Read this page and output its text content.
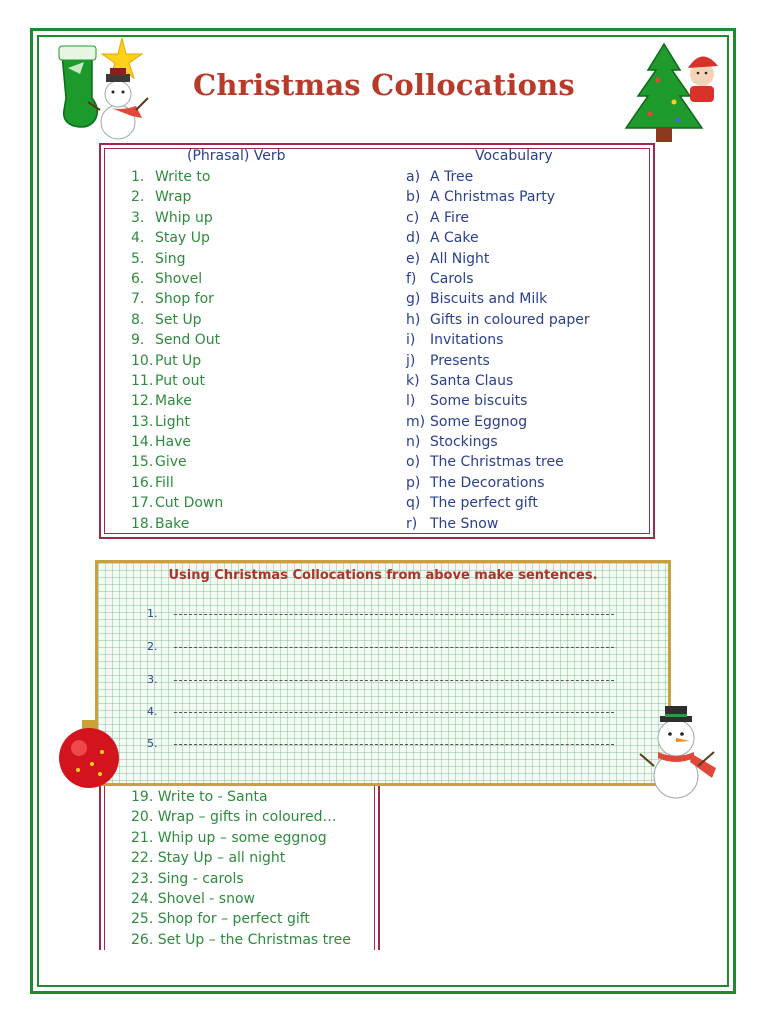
Christmas Collocations
(Phrasal) Verb	Vocabulary
1. Write to
2. Wrap
3. Whip up
4. Stay Up
5. Sing
6. Shovel
7. Shop for
8. Set Up
9. Send Out
10. Put Up
11. Put out
12. Make
13. Light
14. Have
15. Give
16. Fill
17. Cut Down
18. Bake
a) A Tree
b) A Christmas Party
c) A Fire
d) A Cake
e) All Night
f) Carols
g) Biscuits and Milk
h) Gifts in coloured paper
i) Invitations
j) Presents
k) Santa Claus
l) Some biscuits
m) Some Eggnog
n) Stockings
o) The Christmas tree
p) The Decorations
q) The perfect gift
r) The Snow
Using Christmas Collocations from above make sentences.
1.
2.
3.
4.
5.
19. Write to - Santa
20. Wrap – gifts in coloured…
21. Whip up – some eggnog
22. Stay Up – all night
23. Sing - carols
24. Shovel - snow
25. Shop for – perfect gift
26. Set Up – the Christmas tree
